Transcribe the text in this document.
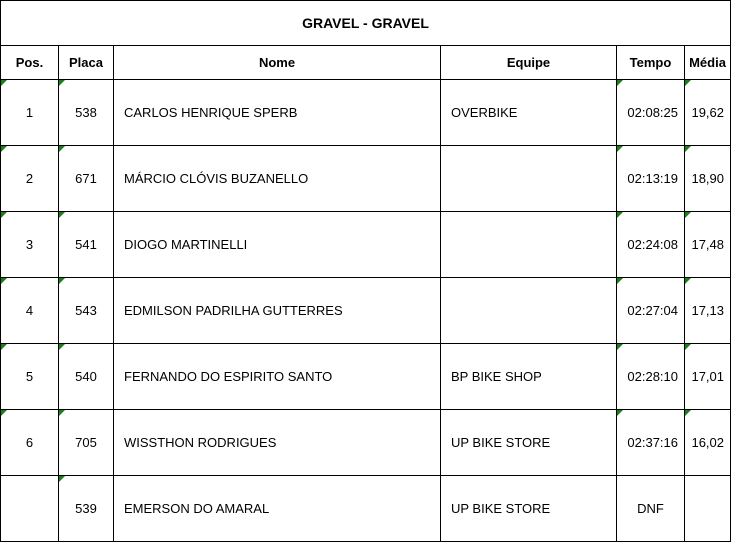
GRAVEL - GRAVEL					
Pos.	Placa	Nome	Equipe	Tempo	Média
1	538	CARLOS HENRIQUE SPERB	OVERBIKE	02:08:25	19,62
2	671	MÁRCIO CLÓVIS BUZANELLO		02:13:19	18,90
3	541	DIOGO MARTINELLI		02:24:08	17,48
4	543	EDMILSON PADRILHA GUTTERRES		02:27:04	17,13
5	540	FERNANDO DO ESPIRITO SANTO	BP BIKE SHOP	02:28:10	17,01
6	705	WISSTHON RODRIGUES	UP BIKE STORE	02:37:16	16,02
	539	EMERSON DO AMARAL	UP BIKE STORE	DNF	
